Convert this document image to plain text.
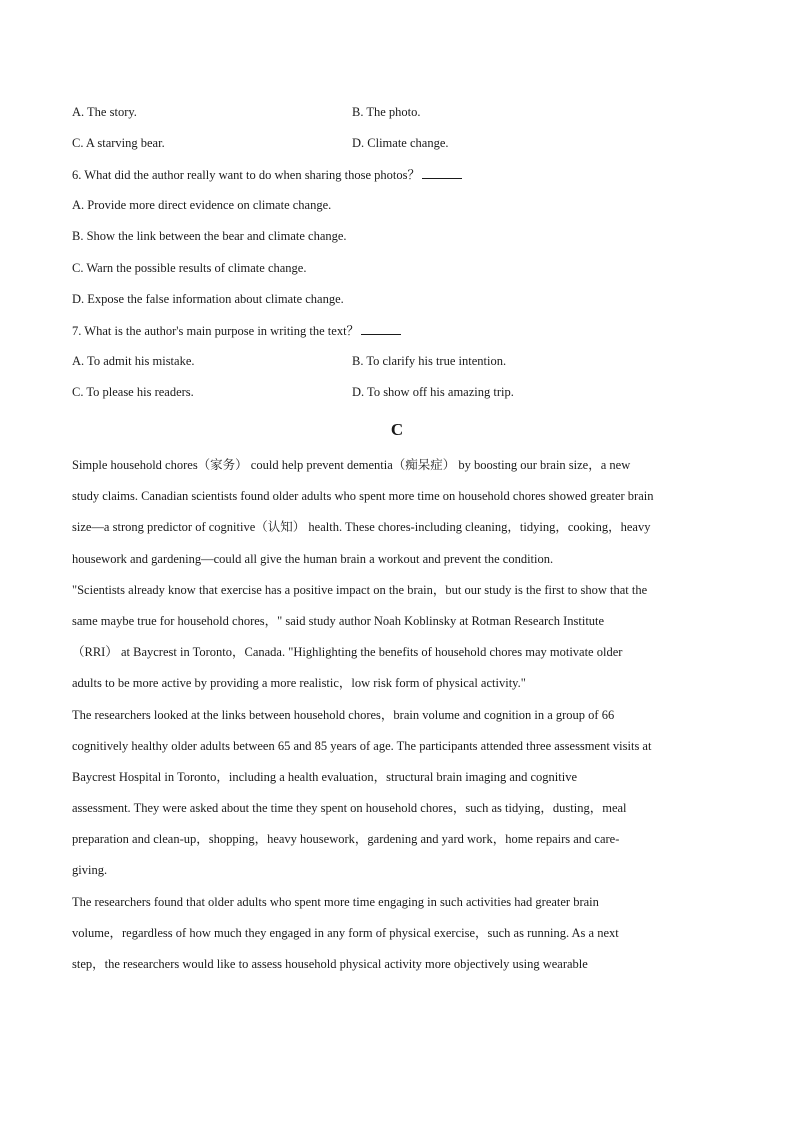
A. The story.	B. The photo.
C. A starving bear.	D. Climate change.
6. What did the author really want to do when sharing those photos？
A. Provide more direct evidence on climate change.
B. Show the link between the bear and climate change.
C. Warn the possible results of climate change.
D. Expose the false information about climate change.
7. What is the author's main purpose in writing the text？
A. To admit his mistake.	B. To clarify his true intention.
C. To please his readers.	D. To show off his amazing trip.
C
Simple household chores（家务） could help prevent dementia（痴呆症） by boosting our brain size，a new
study claims. Canadian scientists found older adults who spent more time on household chores showed greater brain
size—a strong predictor of cognitive（认知） health. These chores-including cleaning，tidying，cooking，heavy
housework and gardening—could all give the human brain a workout and prevent the condition.
"Scientists already know that exercise has a positive impact on the brain，but our study is the first to show that the
same maybe true for household chores，" said study author Noah Koblinsky at Rotman Research Institute
（RRI） at Baycrest in Toronto，Canada. "Highlighting the benefits of household chores may motivate older
adults to be more active by providing a more realistic，low risk form of physical activity."
The researchers looked at the links between household chores，brain volume and cognition in a group of 66
cognitively healthy older adults between 65 and 85 years of age. The participants attended three assessment visits at
Baycrest Hospital in Toronto，including a health evaluation，structural brain imaging and cognitive
assessment. They were asked about the time they spent on household chores，such as tidying，dusting，meal
preparation and clean-up，shopping，heavy housework，gardening and yard work，home repairs and care-
giving.
The researchers found that older adults who spent more time engaging in such activities had greater brain
volume，regardless of how much they engaged in any form of physical exercise，such as running. As a next
step，the researchers would like to assess household physical activity more objectively using wearable
